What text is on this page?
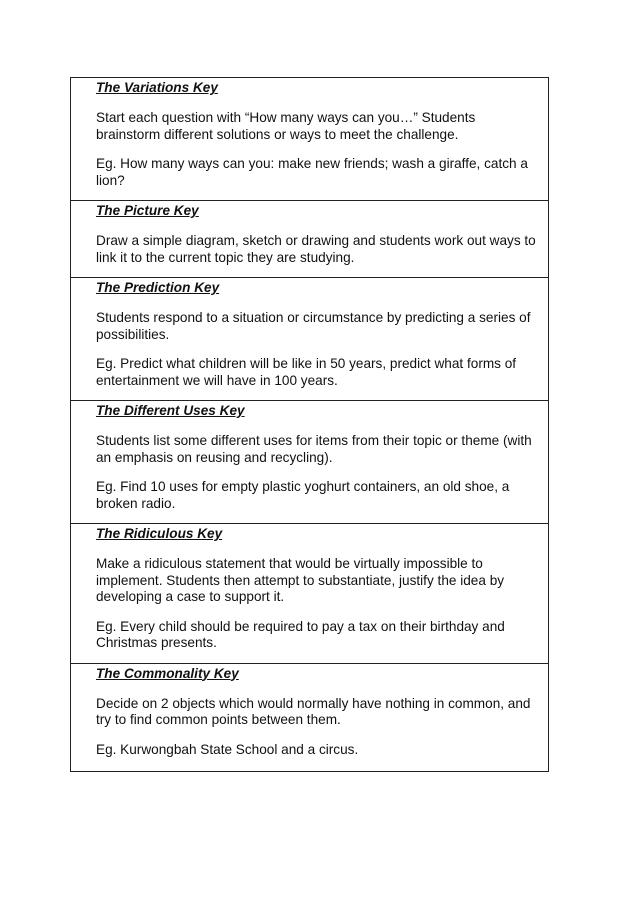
The Variations Key

Start each question with “How many ways can you…” Students brainstorm different solutions or ways to meet the challenge.

Eg. How many ways can you: make new friends; wash a giraffe, catch a lion?

The Picture Key

Draw a simple diagram, sketch or drawing and students work out ways to link it to the current topic they are studying.

The Prediction Key

Students respond to a situation or circumstance by predicting a series of possibilities.

Eg. Predict what children will be like in 50 years, predict what forms of entertainment we will have in 100 years.

The Different Uses Key

Students list some different uses for items from their topic or theme (with an emphasis on reusing and recycling).

Eg. Find 10 uses for empty plastic yoghurt containers, an old shoe, a broken radio.

The Ridiculous Key

Make a ridiculous statement that would be virtually impossible to implement. Students then attempt to substantiate, justify the idea by developing a case to support it.

Eg. Every child should be required to pay a tax on their birthday and Christmas presents.

The Commonality Key

Decide on 2 objects which would normally have nothing in common, and try to find common points between them.

Eg. Kurwongbah State School and a circus.
